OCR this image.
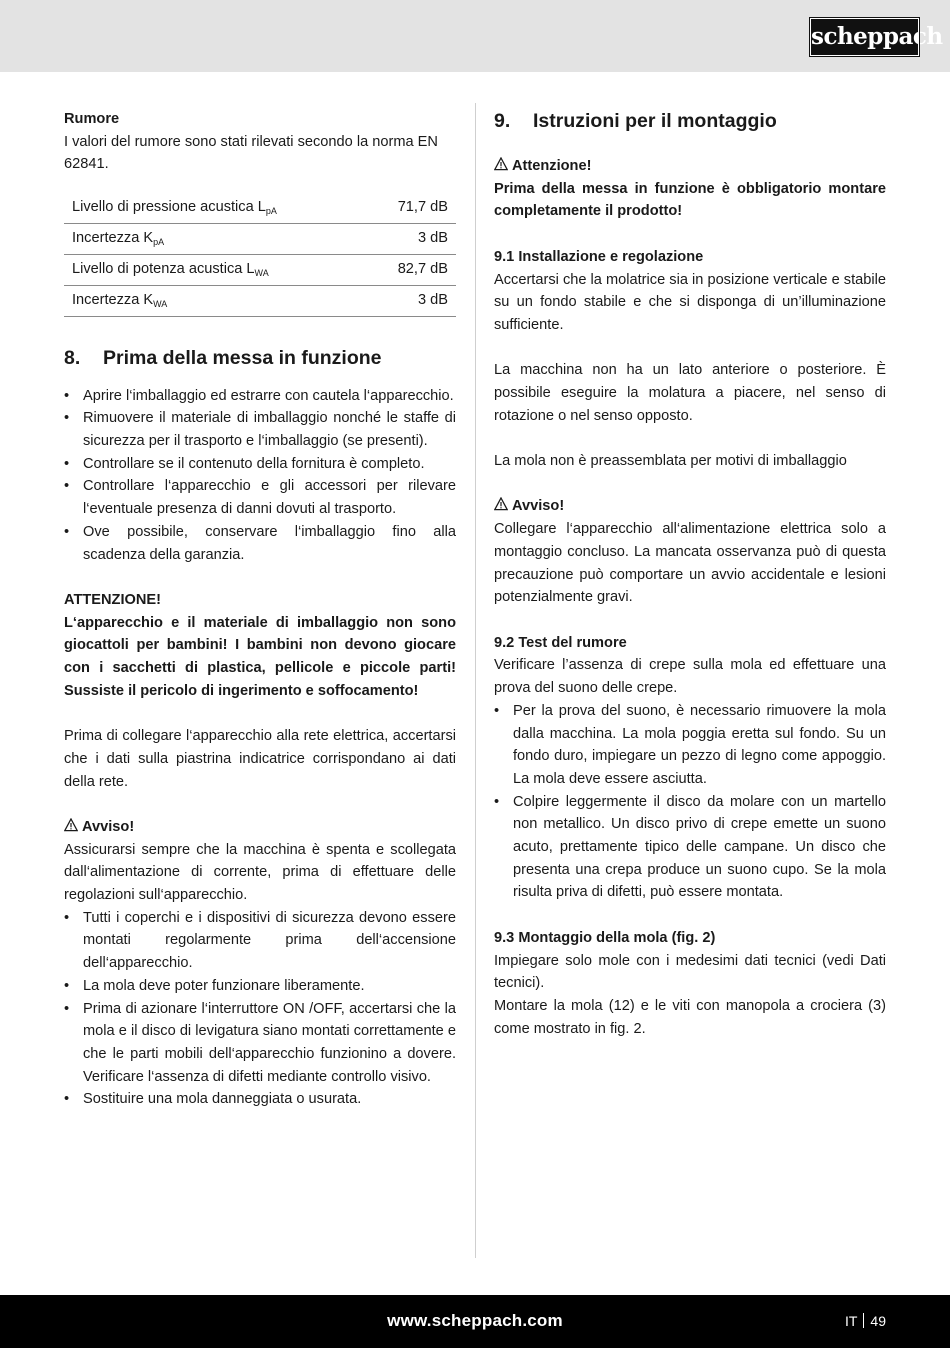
scheppach

Rumore

I valori del rumore sono stati rilevati secondo la norma EN 62841.

Livello di pressione acustica $L_{pA}$	71,7 dB
Incertezza $K_{pA}$	3 dB
Livello di potenza acustica $L_{WA}$	82,7 dB
Incertezza $K_{WA}$	3 dB
8.	Prima della messa in funzione
• Aprire l‘imballaggio ed estrarre con cautela l‘apparecchio.
• Rimuovere il materiale di imballaggio nonché le staffe di sicurezza per il trasporto e l‘imballaggio (se presenti).
• Controllare se il contenuto della fornitura è completo.
• Controllare l‘apparecchio e gli accessori per rilevare l‘eventuale presenza di danni dovuti al trasporto.
• Ove possibile, conservare l‘imballaggio fino alla scadenza della garanzia.

ATTENZIONE!

L‘apparecchio e il materiale di imballaggio non sono giocattoli per bambini! I bambini non devono giocare con i sacchetti di plastica, pellicole e piccole parti! Sussiste il pericolo di ingerimento e soffocamento!

Prima di collegare l‘apparecchio alla rete elettrica, accertarsi che i dati sulla piastrina indicatrice corrispondano ai dati della rete.

Avviso!

Assicurarsi sempre che la macchina è spenta e scollegata dall‘alimentazione di corrente, prima di effettuare delle regolazioni sull‘apparecchio.

• Tutti i coperchi e i dispositivi di sicurezza devono essere montati regolarmente prima dell‘accensione dell‘apparecchio.
• La mola deve poter funzionare liberamente.
• Prima di azionare l‘interruttore ON /OFF, accertarsi che la mola e il disco di levigatura siano montati correttamente e che le parti mobili dell‘apparecchio funzionino a dovere. Verificare l‘assenza di difetti mediante controllo visivo.
• Sostituire una mola danneggiata o usurata.
9.	Istruzioni per il montaggio

Attenzione!

Prima della messa in funzione è obbligatorio montare completamente il prodotto!

9.1 Installazione e regolazione

Accertarsi che la molatrice sia in posizione verticale e stabile su un fondo stabile e che si disponga di un’illuminazione sufficiente.

La macchina non ha un lato anteriore o posteriore. È possibile eseguire la molatura a piacere, nel senso di rotazione o nel senso opposto.

La mola non è preassemblata per motivi di imballaggio

Avviso!

Collegare l‘apparecchio all‘alimentazione elettrica solo a montaggio concluso. La mancata osservanza può di questa precauzione può comportare un avvio accidentale e lesioni potenzialmente gravi.

9.2 Test del rumore

Verificare l’assenza di crepe sulla mola ed effettuare una prova del suono delle crepe.

• Per la prova del suono, è necessario rimuovere la mola dalla macchina. La mola poggia eretta sul fondo. Su un fondo duro, impiegare un pezzo di legno come appoggio. La mola deve essere asciutta.
• Colpire leggermente il disco da molare con un martello non metallico. Un disco privo di crepe emette un suono acuto, prettamente tipico delle campane. Un disco che presenta una crepa produce un suono cupo. Se la mola risulta priva di difetti, può essere montata.

9.3 Montaggio della mola (fig. 2)

Impiegare solo mole con i medesimi dati tecnici (vedi Dati tecnici).

Montare la mola (12) e le viti con manopola a crociera (3) come mostrato in fig. 2.

www.scheppach.com	IT 49
